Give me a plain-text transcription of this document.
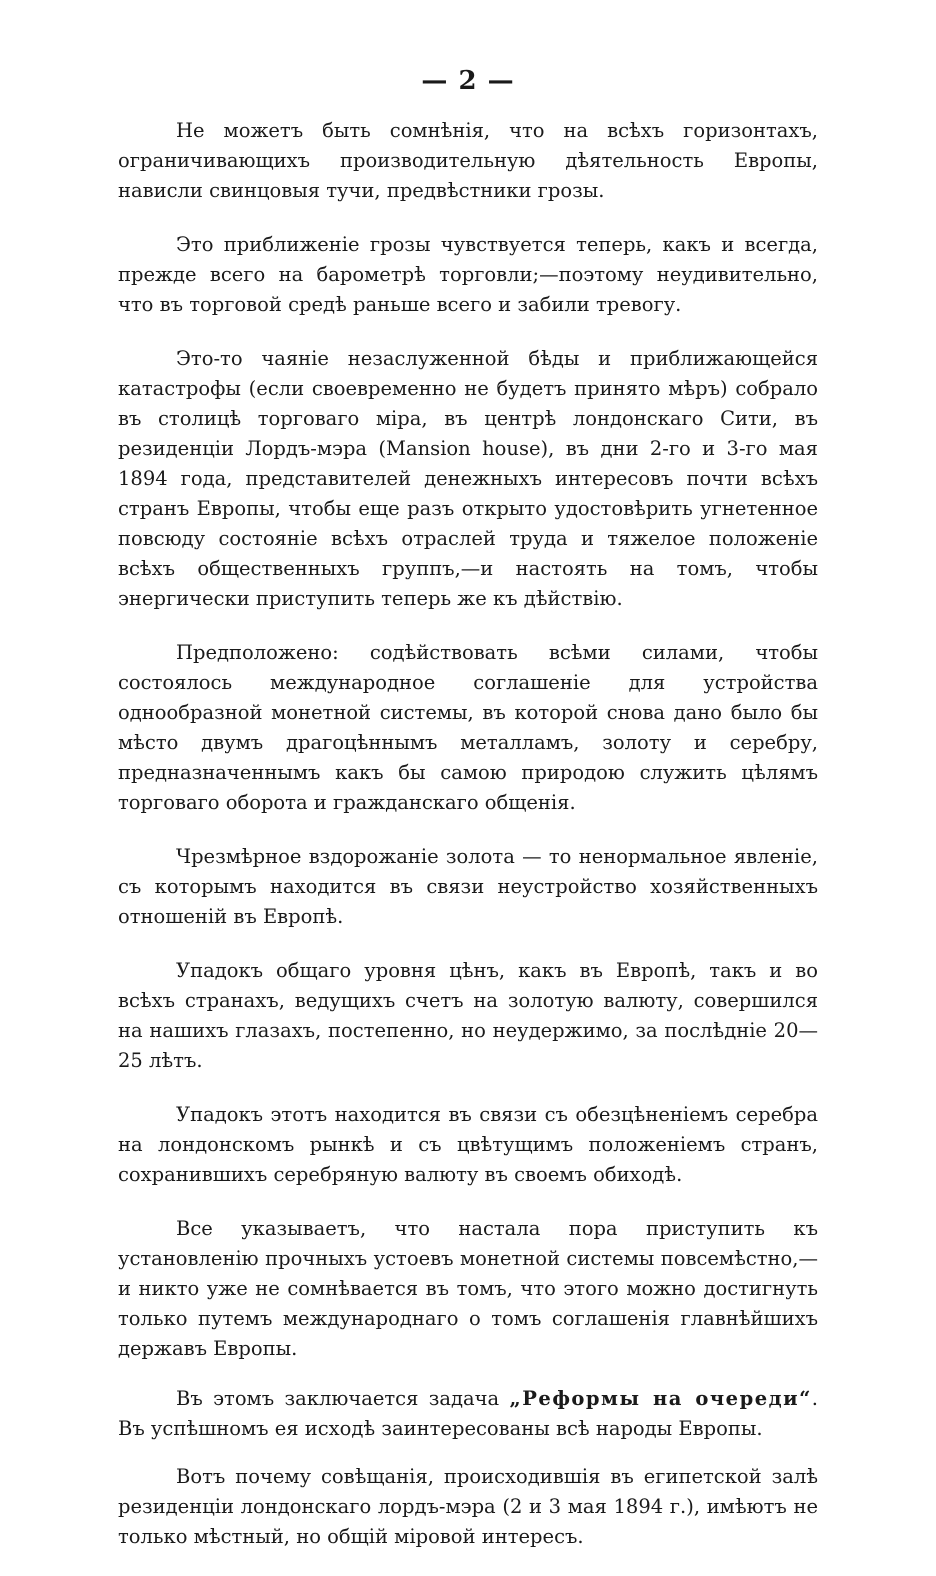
— 2 —

Не можетъ быть сомнѣнія, что на всѣхъ горизонтахъ, ограничивающихъ производительную дѣятельность Европы, нависли свинцовыя тучи, предвѣстники грозы.

Это приближеніе грозы чувствуется теперь, какъ и всегда, прежде всего на барометрѣ торговли;—поэтому неудивительно, что въ торговой средѣ раньше всего и забили тревогу.

Это-то чаяніе незаслуженной бѣды и приближающейся катастрофы (если своевременно не будетъ принято мѣръ) собрало въ столицѣ торговаго міра, въ центрѣ лондонскаго Сити, въ резиденціи Лордъ-мэра (Mansion house), въ дни 2-го и 3-го мая 1894 года, представителей денежныхъ интересовъ почти всѣхъ странъ Европы, чтобы еще разъ открыто удостовѣрить угнетенное повсюду состояніе всѣхъ отраслей труда и тяжелое положеніе всѣхъ общественныхъ группъ,—и настоять на томъ, чтобы энергически приступить теперь же къ дѣйствію.

Предположено: содѣйствовать всѣми силами, чтобы состоялось международное соглашеніе для устройства однообразной монетной системы, въ которой снова дано было бы мѣсто двумъ драгоцѣннымъ металламъ, золоту и серебру, предназначеннымъ какъ бы самою природою служить цѣлямъ торговаго оборота и гражданскаго общенія.

Чрезмѣрное вздорожаніе золота — то ненормальное явленіе, съ которымъ находится въ связи неустройство хозяйственныхъ отношеній въ Европѣ.

Упадокъ общаго уровня цѣнъ, какъ въ Европѣ, такъ и во всѣхъ странахъ, ведущихъ счетъ на золотую валюту, совершился на нашихъ глазахъ, постепенно, но неудержимо, за послѣдніе 20—25 лѣтъ.

Упадокъ этотъ находится въ связи съ обезцѣненіемъ серебра на лондонскомъ рынкѣ и съ цвѣтущимъ положеніемъ странъ, сохранившихъ серебряную валюту въ своемъ обиходѣ.

Все указываетъ, что настала пора приступить къ установленію прочныхъ устоевъ монетной системы повсемѣстно,—и никто уже не сомнѣвается въ томъ, что этого можно достигнуть только путемъ международнаго о томъ соглашенія главнѣйшихъ державъ Европы.

Въ этомъ заключается задача „Реформы на очереди“. Въ успѣшномъ ея исходѣ заинтересованы всѣ народы Европы.

Вотъ почему совѣщанія, происходившія въ египетской залѣ резиденціи лондонскаго лордъ-мэра (2 и 3 мая 1894 г.), имѣютъ не только мѣстный, но общій міровой интересъ.
